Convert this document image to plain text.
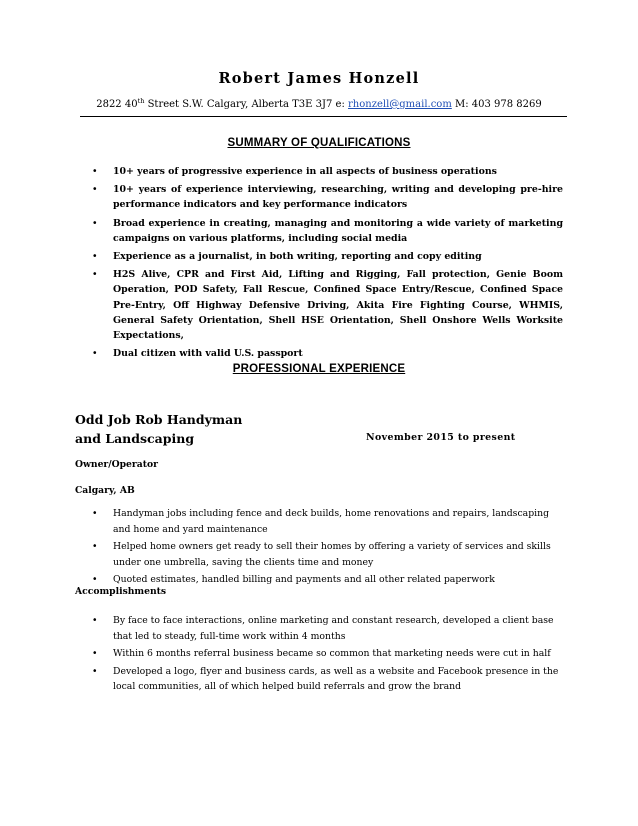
Robert James Honzell
2822 40th Street S.W. Calgary, Alberta T3E 3J7 e: rhonzell@gmail.com M: 403 978 8269
SUMMARY OF QUALIFICATIONS
• 10+ years of progressive experience in all aspects of business operations
• 10+ years of experience interviewing, researching, writing and developing pre-hire performance indicators and key performance indicators
• Broad experience in creating, managing and monitoring a wide variety of marketing campaigns on various platforms, including social media
• Experience as a journalist, in both writing, reporting and copy editing
• H2S Alive, CPR and First Aid, Lifting and Rigging, Fall protection, Genie Boom Operation, POD Safety, Fall Rescue, Confined Space Entry/Rescue, Confined Space Pre-Entry, Off Highway Defensive Driving, Akita Fire Fighting Course, WHMIS, General Safety Orientation, Shell HSE Orientation, Shell Onshore Wells Worksite Expectations,
• Dual citizen with valid U.S. passport
PROFESSIONAL EXPERIENCE
Odd Job Rob Handyman
and Landscaping	November 2015 to present
Owner/Operator
Calgary, AB
• Handyman jobs including fence and deck builds, home renovations and repairs, landscaping and home and yard maintenance
• Helped home owners get ready to sell their homes by offering a variety of services and skills under one umbrella, saving the clients time and money
• Quoted estimates, handled billing and payments and all other related paperwork
Accomplishments
• By face to face interactions, online marketing and constant research, developed a client base that led to steady, full-time work within 4 months
• Within 6 months referral business became so common that marketing needs were cut in half
• Developed a logo, flyer and business cards, as well as a website and Facebook presence in the local communities, all of which helped build referrals and grow the brand
